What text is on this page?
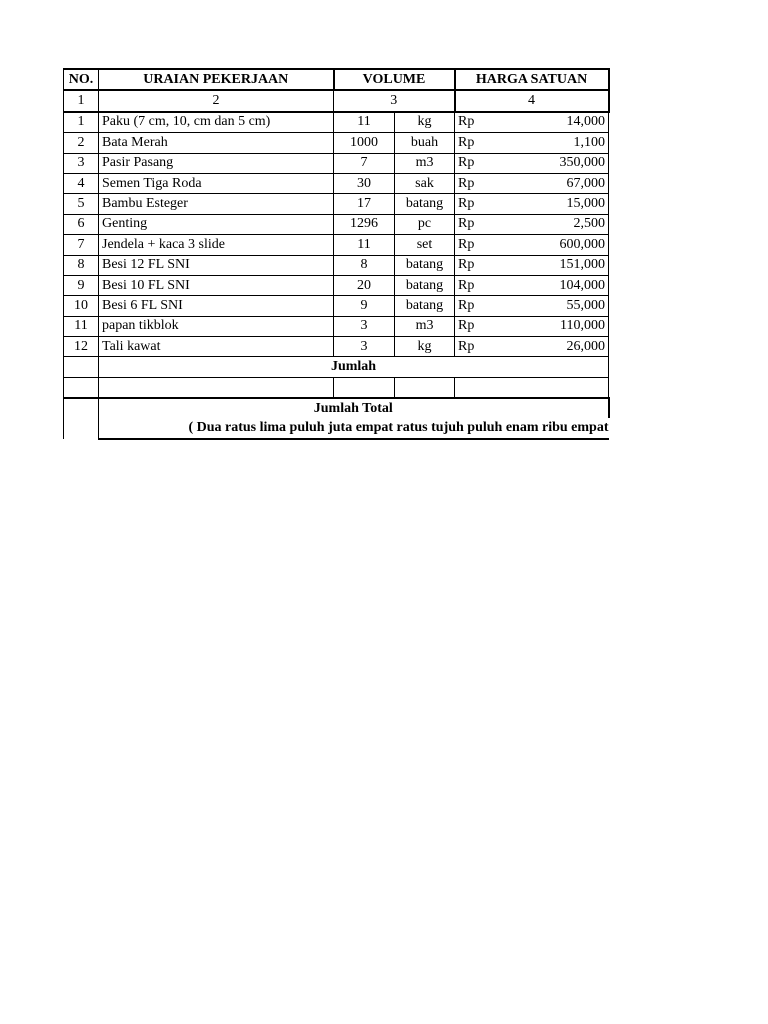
NO.	URAIAN PEKERJAAN	VOLUME		HARGA SATUAN	
1	2	3		4	
1	Paku (7 cm, 10, cm dan 5 cm)	11	kg	Rp	14,000
2	Bata Merah	1000	buah	Rp	1,100
3	Pasir Pasang	7	m3	Rp	350,000
4	Semen Tiga Roda	30	sak	Rp	67,000
5	Bambu Esteger	17	batang	Rp	15,000
6	Genting	1296	pc	Rp	2,500
7	Jendela + kaca 3 slide	11	set	Rp	600,000
8	Besi 12 FL SNI	8	batang	Rp	151,000
9	Besi 10 FL SNI	20	batang	Rp	104,000
10	Besi 6 FL SNI	9	batang	Rp	55,000
11	papan tikblok	3	m3	Rp	110,000
12	Tali kawat	3	kg	Rp	26,000
	Jumlah				

	Jumlah Total				
	( Dua ratus lima puluh juta empat ratus tujuh puluh enam ribu empat				
